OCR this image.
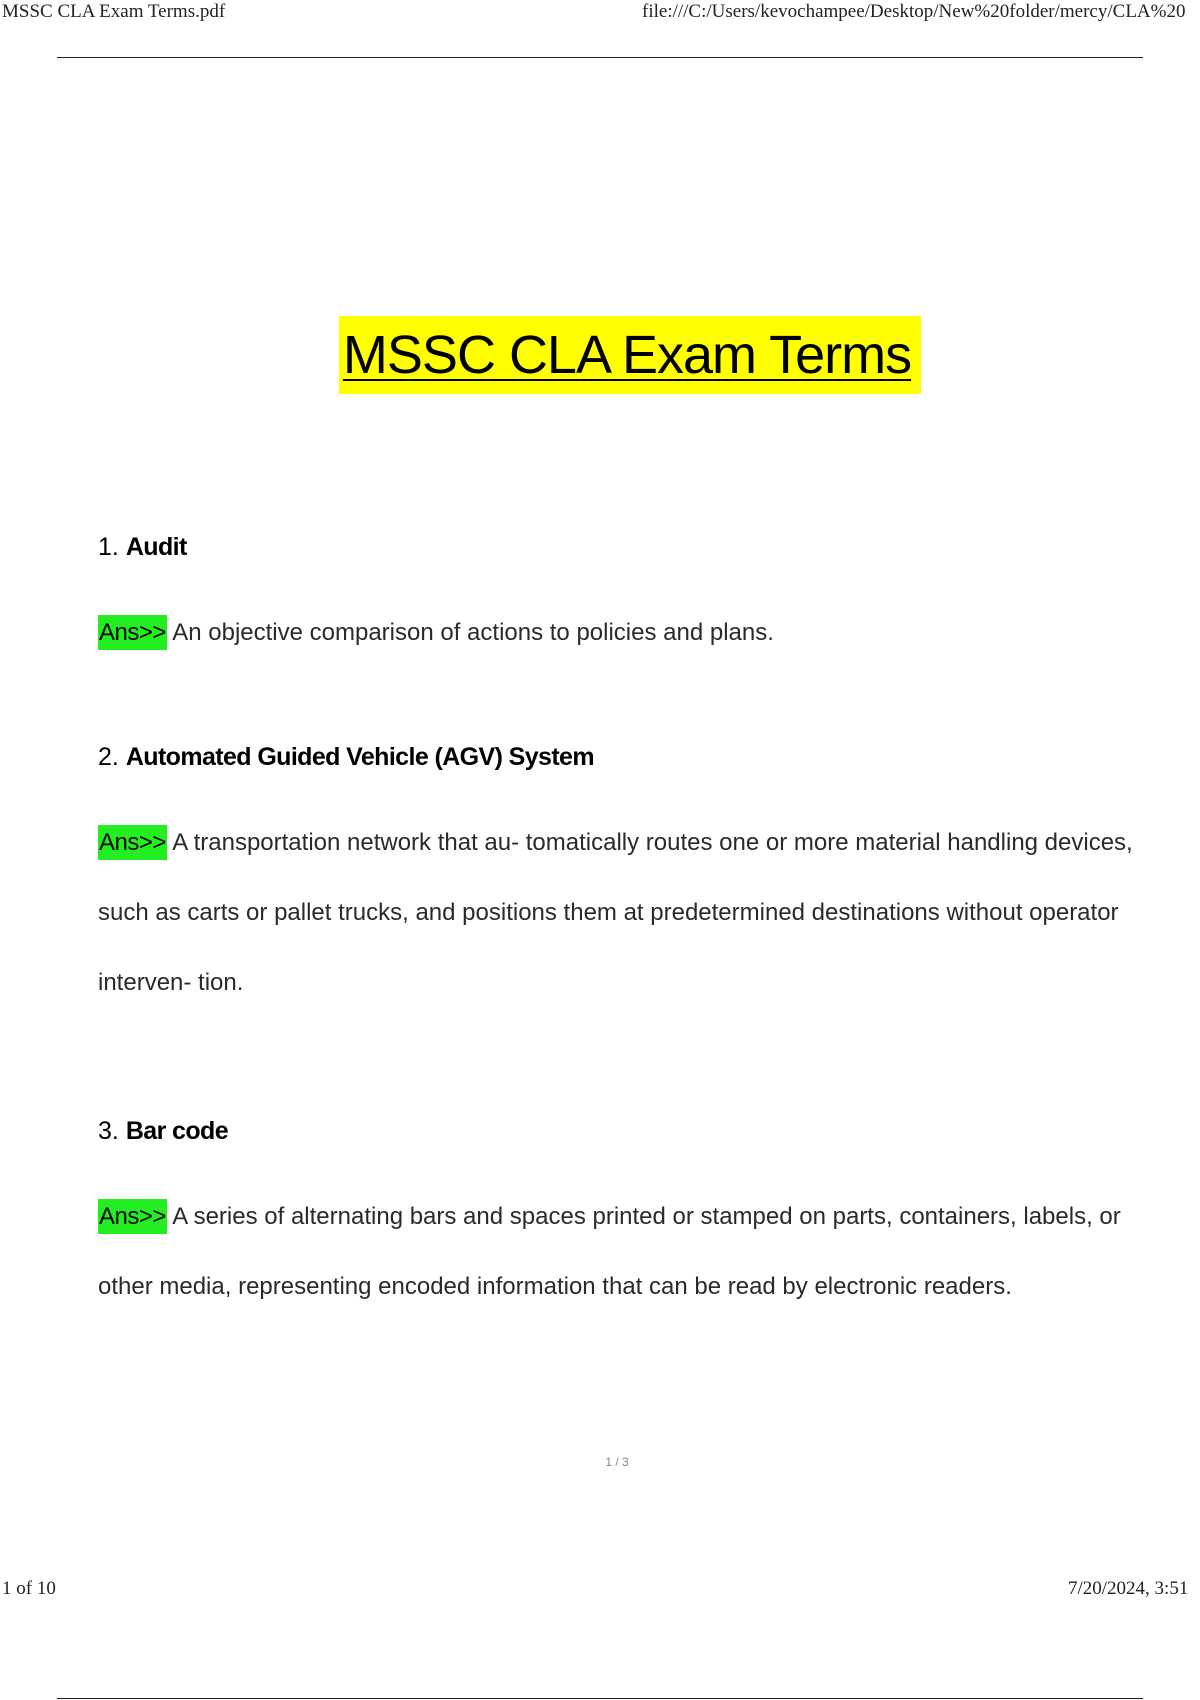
MSSC CLA Exam Terms.pdf	file:///C:/Users/kevochampee/Desktop/New%20folder/mercy/CLA%20
MSSC CLA Exam Terms
1. Audit
Ans>> An objective comparison of actions to policies and plans.
2. Automated Guided Vehicle (AGV) System
Ans>> A transportation network that au- tomatically routes one or more material handling devices, such as carts or pallet trucks, and positions them at predetermined destinations without operator interven- tion.
3. Bar code
Ans>> A series of alternating bars and spaces printed or stamped on parts, containers, labels, or other media, representing encoded information that can be read by electronic readers.
1 / 3
1 of 10	7/20/2024, 3:51
